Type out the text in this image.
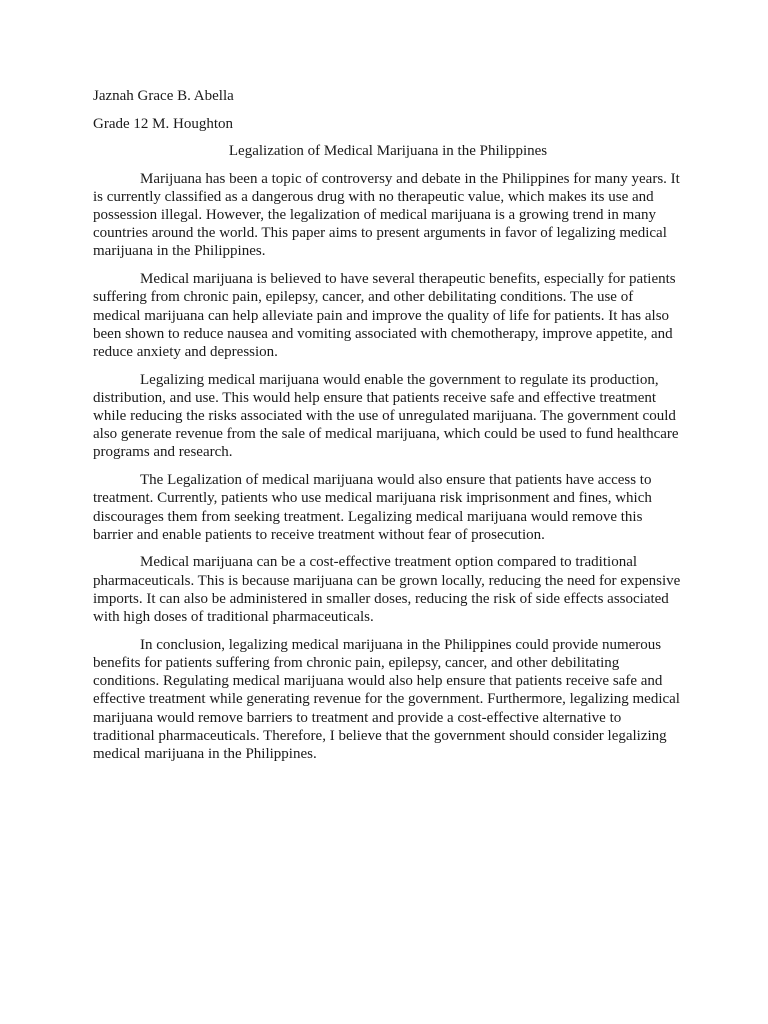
Jaznah Grace B. Abella

Grade 12 M. Houghton

Legalization of Medical Marijuana in the Philippines

Marijuana has been a topic of controversy and debate in the Philippines for many years. It is currently classified as a dangerous drug with no therapeutic value, which makes its use and possession illegal. However, the legalization of medical marijuana is a growing trend in many countries around the world. This paper aims to present arguments in favor of legalizing medical marijuana in the Philippines.

Medical marijuana is believed to have several therapeutic benefits, especially for patients suffering from chronic pain, epilepsy, cancer, and other debilitating conditions. The use of medical marijuana can help alleviate pain and improve the quality of life for patients. It has also been shown to reduce nausea and vomiting associated with chemotherapy, improve appetite, and reduce anxiety and depression.

Legalizing medical marijuana would enable the government to regulate its production, distribution, and use. This would help ensure that patients receive safe and effective treatment while reducing the risks associated with the use of unregulated marijuana. The government could also generate revenue from the sale of medical marijuana, which could be used to fund healthcare programs and research.

The Legalization of medical marijuana would also ensure that patients have access to treatment. Currently, patients who use medical marijuana risk imprisonment and fines, which discourages them from seeking treatment. Legalizing medical marijuana would remove this barrier and enable patients to receive treatment without fear of prosecution.

Medical marijuana can be a cost-effective treatment option compared to traditional pharmaceuticals. This is because marijuana can be grown locally, reducing the need for expensive imports. It can also be administered in smaller doses, reducing the risk of side effects associated with high doses of traditional pharmaceuticals.

In conclusion, legalizing medical marijuana in the Philippines could provide numerous benefits for patients suffering from chronic pain, epilepsy, cancer, and other debilitating conditions. Regulating medical marijuana would also help ensure that patients receive safe and effective treatment while generating revenue for the government. Furthermore, legalizing medical marijuana would remove barriers to treatment and provide a cost-effective alternative to traditional pharmaceuticals. Therefore, I believe that the government should consider legalizing medical marijuana in the Philippines.
